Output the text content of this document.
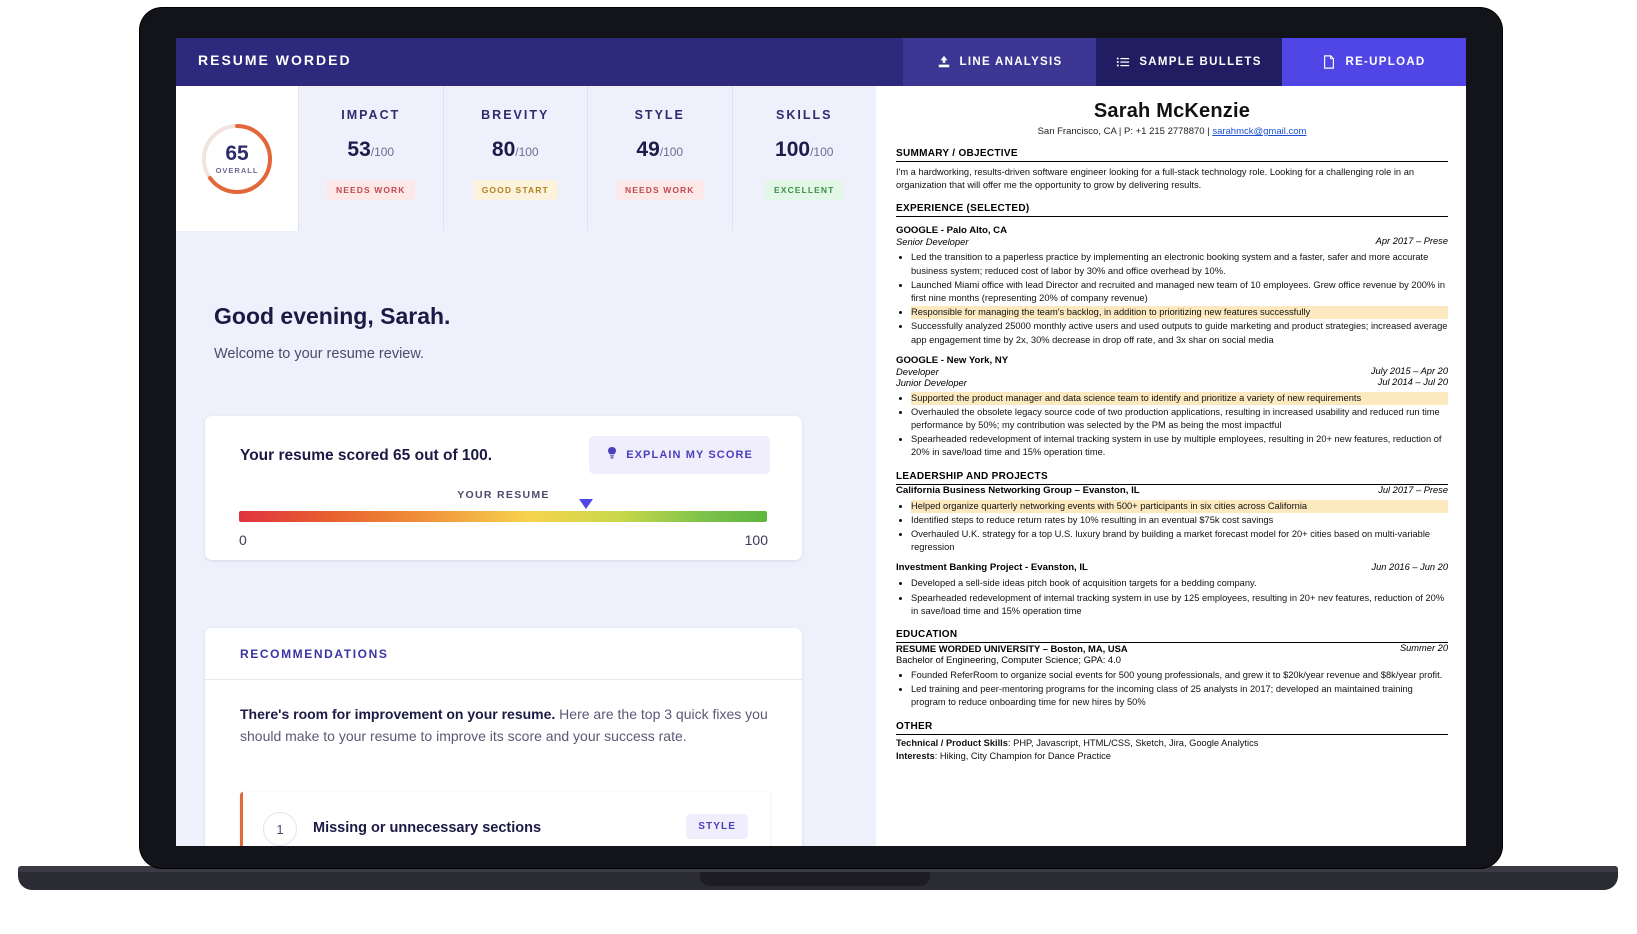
RESUME WORDED	LINE ANALYSIS	SAMPLE BULLETS	RE-UPLOAD
65
OVERALL
IMPACT
53/100
NEEDS WORK
BREVITY
80/100
GOOD START
STYLE
49/100
NEEDS WORK
SKILLS
100/100
EXCELLENT
Good evening, Sarah.
Welcome to your resume review.
Your resume scored 65 out of 100.	EXPLAIN MY SCORE
YOUR RESUME
0	100
RECOMMENDATIONS
There's room for improvement on your resume. Here are the top 3 quick fixes you should make to your resume to improve its score and your success rate.
1	Missing or unnecessary sections	STYLE
Sarah McKenzie
San Francisco, CA | P: +1 215 2778870 | sarahmck@gmail.com
SUMMARY / OBJECTIVE
I'm a hardworking, results-driven software engineer looking for a full-stack technology role. Looking for a challenging role in an organization that will offer me the opportunity to grow by delivering results.
EXPERIENCE (SELECTED)
GOOGLE - Palo Alto, CA
Senior Developer	Apr 2017 – Prese
• Led the transition to a paperless practice by implementing an electronic booking system and a faster, safer and more accurate business system; reduced cost of labor by 30% and office overhead by 10%.
• Launched Miami office with lead Director and recruited and managed new team of 10 employees. Grew office revenue by 200% in first nine months (representing 20% of company revenue)
• Responsible for managing the team's backlog, in addition to prioritizing new features successfully
• Successfully analyzed 25000 monthly active users and used outputs to guide marketing and product strategies; increased average app engagement time by 2x, 30% decrease in drop off rate, and 3x shar on social media
GOOGLE - New York, NY
Developer	July 2015 – Apr 20
Junior Developer	Jul 2014 – Jul 20
• Supported the product manager and data science team to identify and prioritize a variety of new requirements
• Overhauled the obsolete legacy source code of two production applications, resulting in increased usability and reduced run time performance by 50%; my contribution was selected by the PM as being the most impactful
• Spearheaded redevelopment of internal tracking system in use by multiple employees, resulting in 20+ new features, reduction of 20% in save/load time and 15% operation time.
LEADERSHIP AND PROJECTS
California Business Networking Group – Evanston, IL	Jul 2017 – Prese
• Helped organize quarterly networking events with 500+ participants in six cities across California
• Identified steps to reduce return rates by 10% resulting in an eventual $75k cost savings
• Overhauled U.K. strategy for a top U.S. luxury brand by building a market forecast model for 20+ cities based on multi-variable regression
Investment Banking Project - Evanston, IL	Jun 2016 – Jun 20
• Developed a sell-side ideas pitch book of acquisition targets for a bedding company.
• Spearheaded redevelopment of internal tracking system in use by 125 employees, resulting in 20+ nev features, reduction of 20% in save/load time and 15% operation time
EDUCATION
RESUME WORDED UNIVERSITY – Boston, MA, USA	Summer 20
Bachelor of Engineering, Computer Science; GPA: 4.0
• Founded ReferRoom to organize social events for 500 young professionals, and grew it to $20k/year revenue and $8k/year profit.
• Led training and peer-mentoring programs for the incoming class of 25 analysts in 2017; developed an maintained training program to reduce onboarding time for new hires by 50%
OTHER
Technical / Product Skills: PHP, Javascript, HTML/CSS, Sketch, Jira, Google Analytics
Interests: Hiking, City Champion for Dance Practice
